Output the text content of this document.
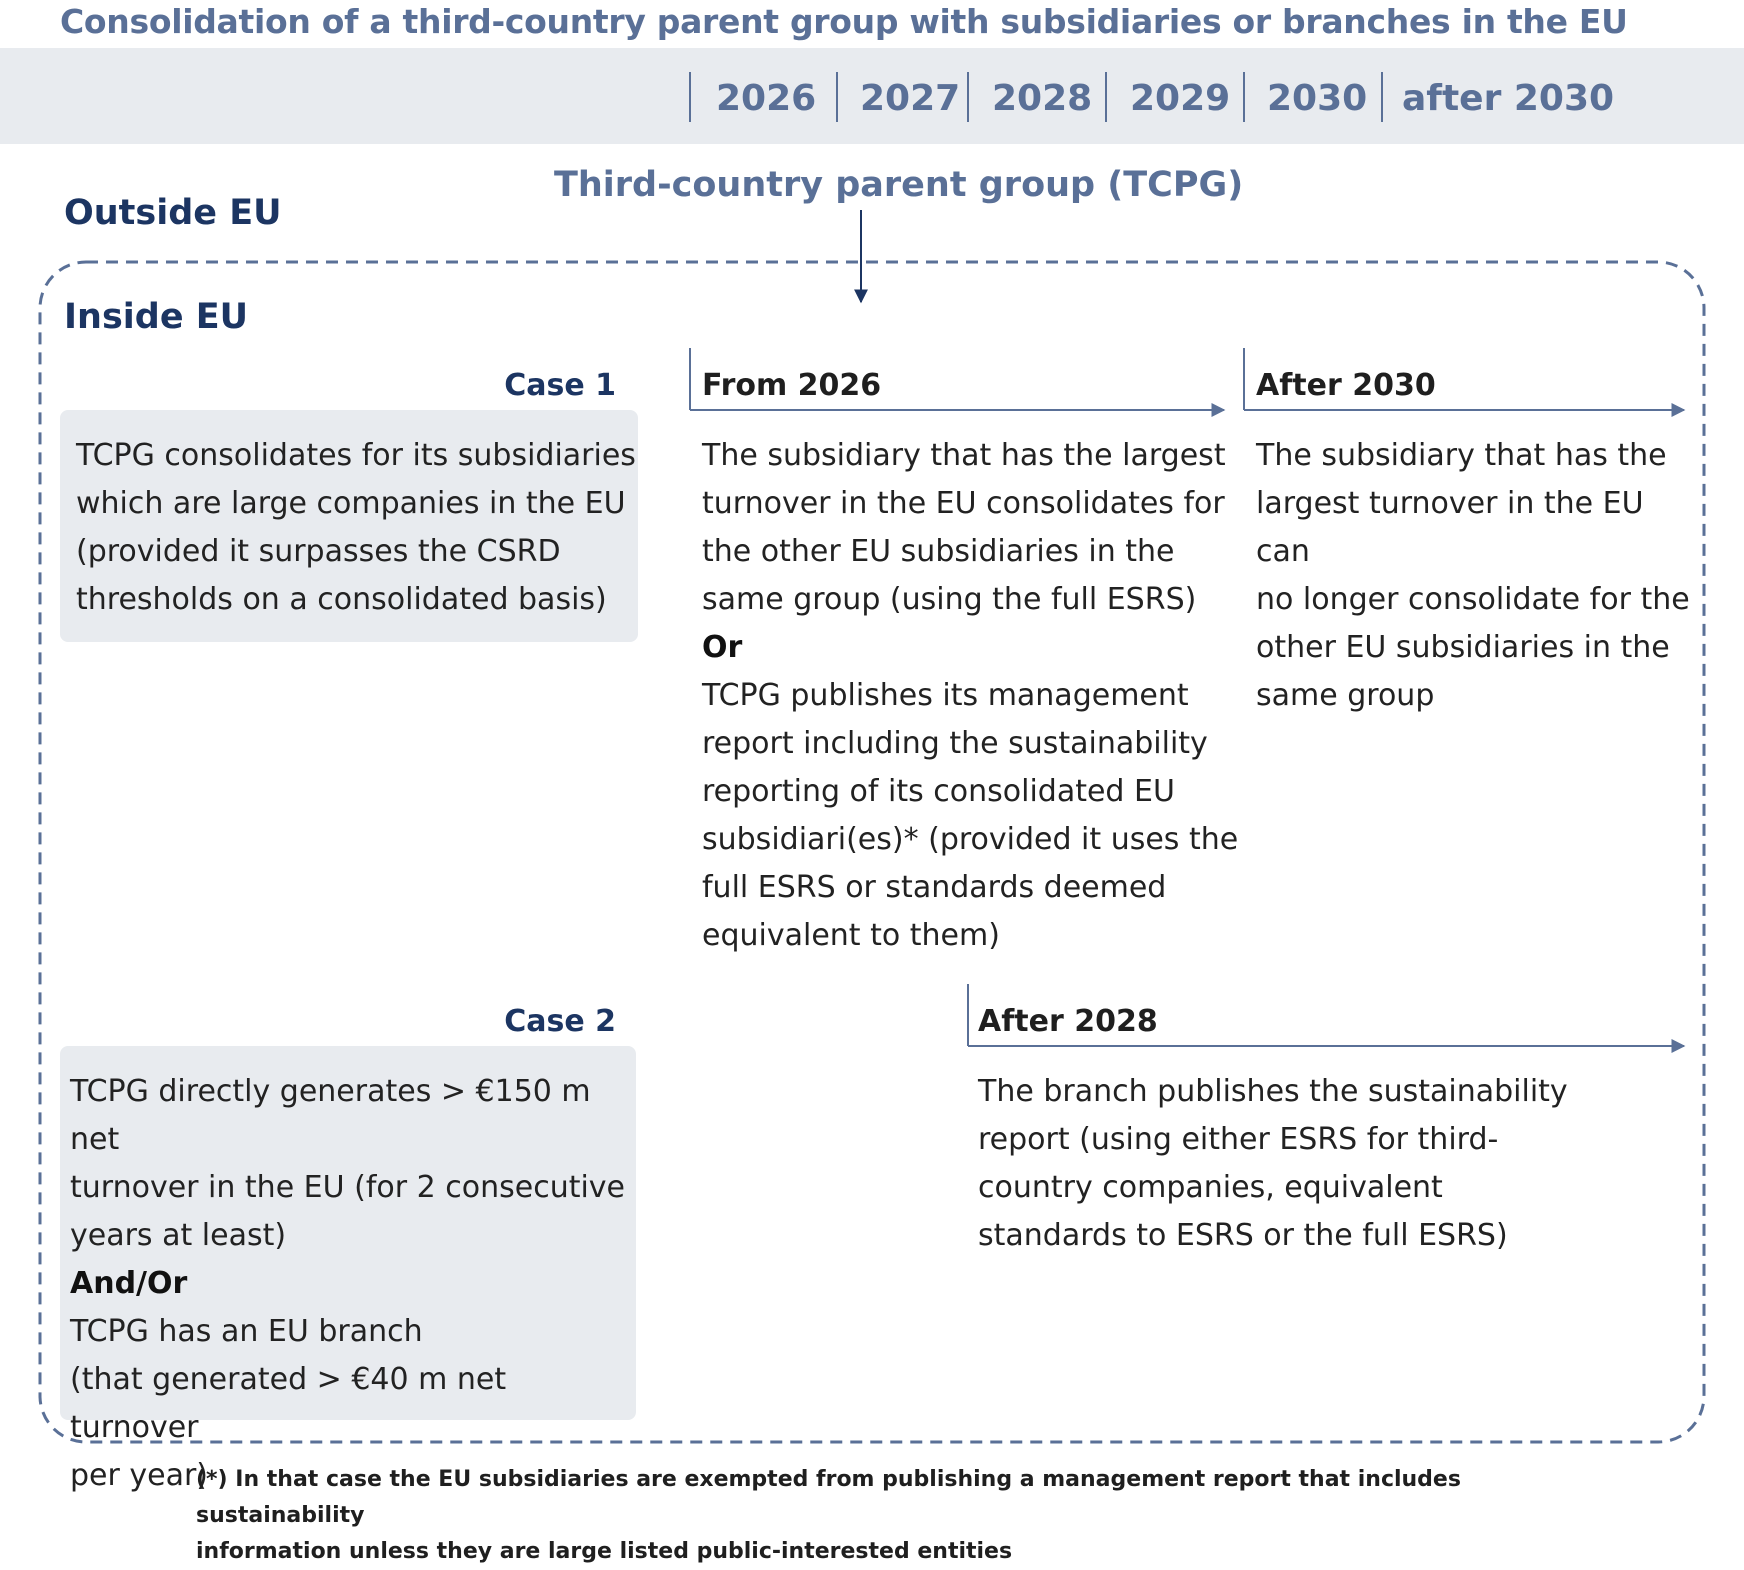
Consolidation of a third-country parent group with subsidiaries or branches in the EU
2026 2027 2028 2029 2030 after 2030
Third-country parent group (TCPG)
Outside EU
Inside EU
Case 1
TCPG consolidates for its subsidiaries
which are large companies in the EU
(provided it surpasses the CSRD
thresholds on a consolidated basis)
From 2026
The subsidiary that has the largest
turnover in the EU consolidates for
the other EU subsidiaries in the
same group (using the full ESRS)
Or
TCPG publishes its management
report including the sustainability
reporting of its consolidated EU
subsidiari(es)* (provided it uses the
full ESRS or standards deemed
equivalent to them)
After 2030
The subsidiary that has the
largest turnover in the EU can
no longer consolidate for the
other EU subsidiaries in the
same group
Case 2
TCPG directly generates > €150 m net
turnover in the EU (for 2 consecutive
years at least)
And/Or
TCPG has an EU branch
(that generated > €40 m net turnover
per year)
After 2028
The branch publishes the sustainability
report (using either ESRS for third-
country companies, equivalent
standards to ESRS or the full ESRS)
(*) In that case the EU subsidiaries are exempted from publishing a management report that includes sustainability
information unless they are large listed public-interested entities
